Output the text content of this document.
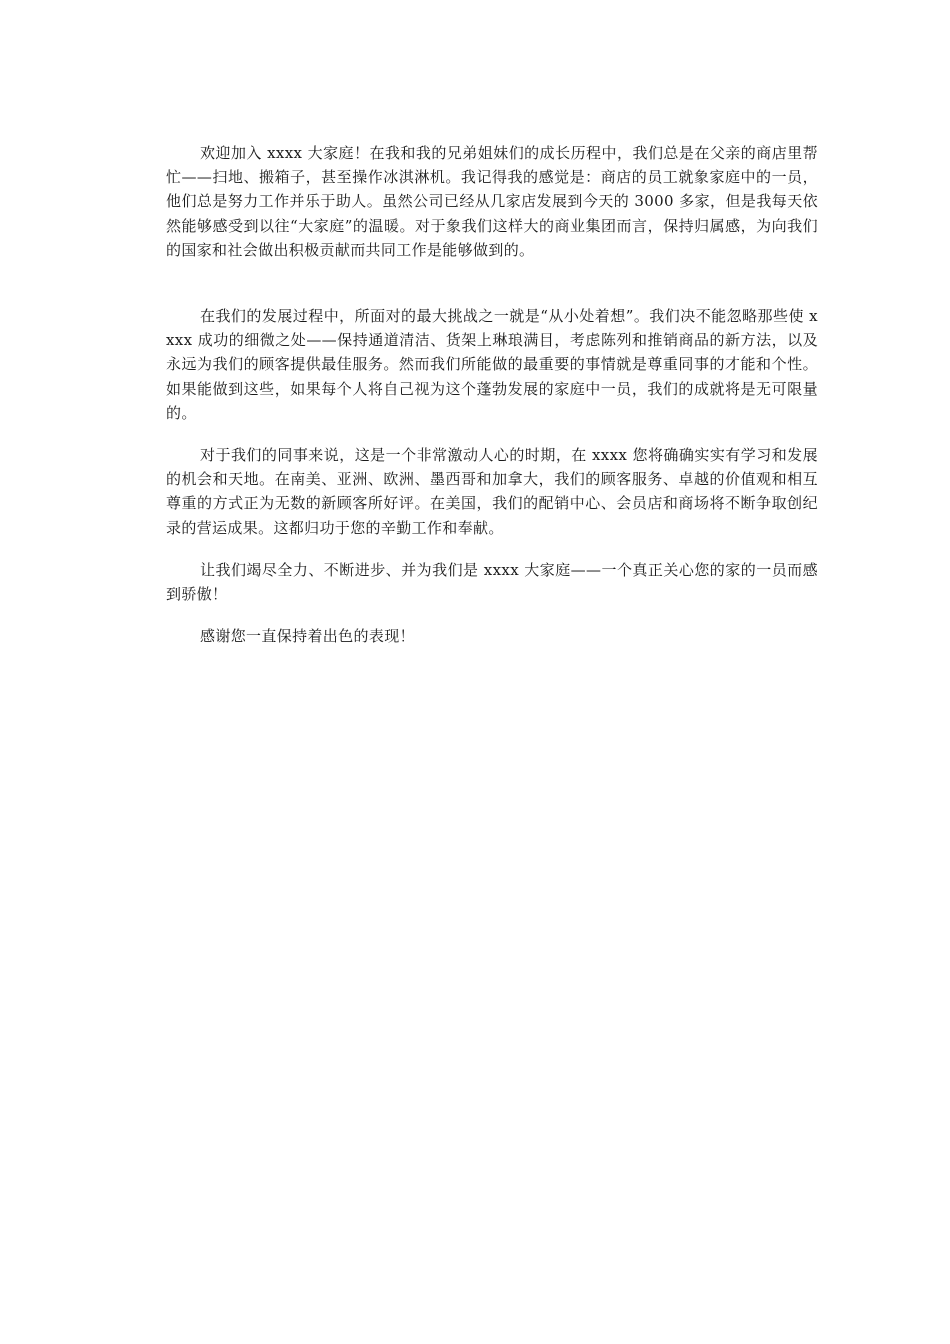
欢迎加入 xxxx 大家庭！在我和我的兄弟姐妹们的成长历程中，我们总是在父亲的商店里帮忙——扫地、搬箱子，甚至操作冰淇淋机。我记得我的感觉是：商店的员工就象家庭中的一员，他们总是努力工作并乐于助人。虽然公司已经从几家店发展到今天的 3000 多家，但是我每天依然能够感受到以往“大家庭”的温暖。对于象我们这样大的商业集团而言，保持归属感，为向我们的国家和社会做出积极贡献而共同工作是能够做到的。

在我们的发展过程中，所面对的最大挑战之一就是“从小处着想”。我们决不能忽略那些使 xxxx 成功的细微之处——保持通道清洁、货架上琳琅满目，考虑陈列和推销商品的新方法，以及永远为我们的顾客提供最佳服务。然而我们所能做的最重要的事情就是尊重同事的才能和个性。如果能做到这些，如果每个人将自己视为这个蓬勃发展的家庭中一员，我们的成就将是无可限量的。

对于我们的同事来说，这是一个非常激动人心的时期，在 xxxx 您将确确实实有学习和发展的机会和天地。在南美、亚洲、欧洲、墨西哥和加拿大，我们的顾客服务、卓越的价值观和相互尊重的方式正为无数的新顾客所好评。在美国，我们的配销中心、会员店和商场将不断争取创纪录的营运成果。这都归功于您的辛勤工作和奉献。

让我们竭尽全力、不断进步、并为我们是 xxxx 大家庭——一个真正关心您的家的一员而感到骄傲！

感谢您一直保持着出色的表现！
